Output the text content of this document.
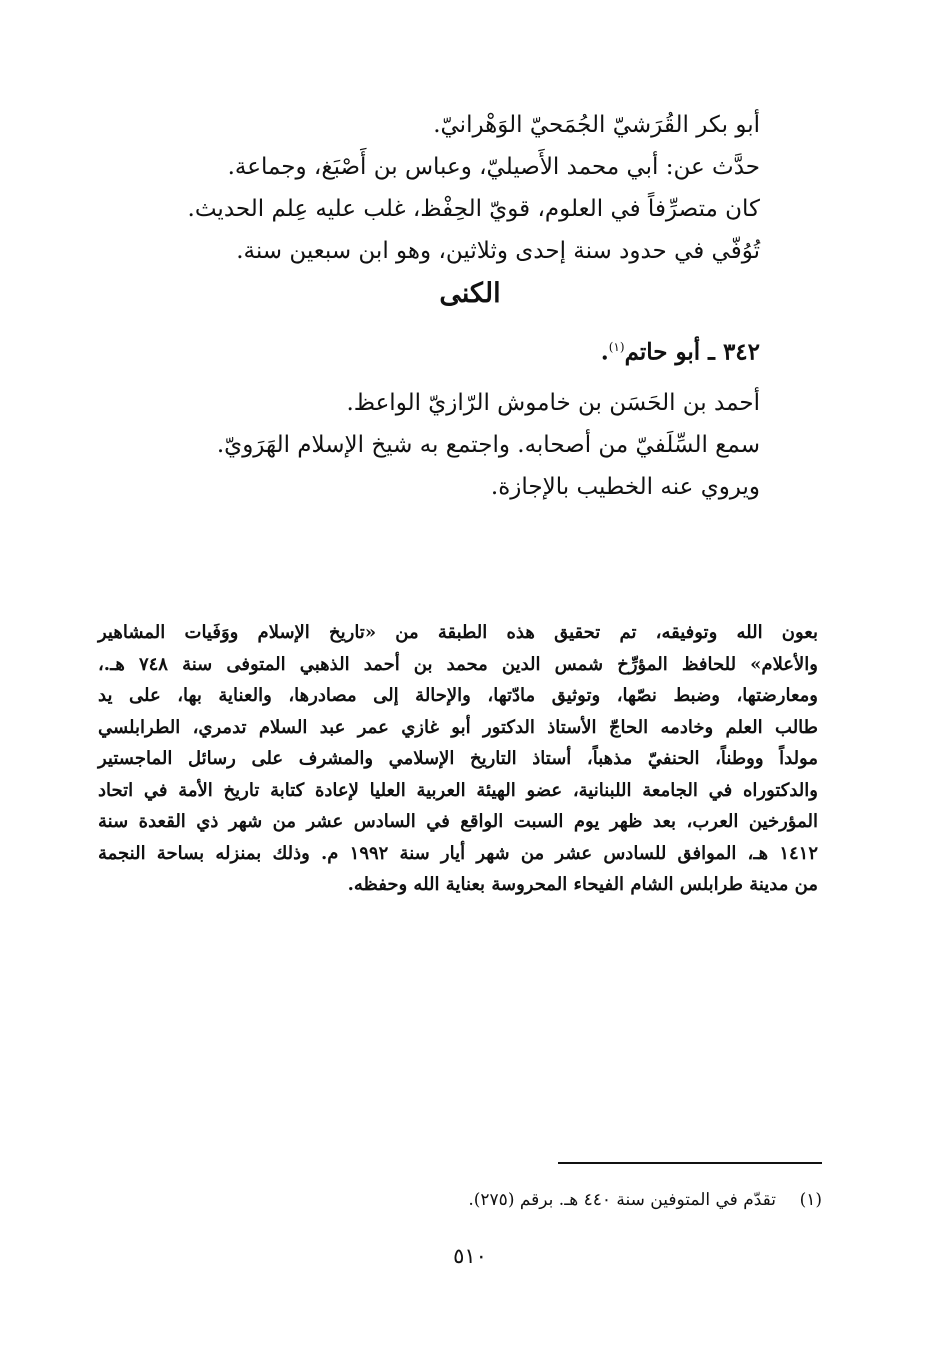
أبو بكر القُرَشيّ الجُمَحيّ الوَهْرانيّ.
حدَّث عن: أبي محمد الأَصيليّ، وعباس بن أَصْبَغ، وجماعة.
كان متصرِّفاً في العلوم، قويّ الحِفْظ، غلب عليه عِلم الحديث.
تُوُفّي في حدود سنة إحدى وثلاثين، وهو ابن سبعين سنة.
الكنى
٣٤٢ ـ أبو حاتم$^{(١)}$.
أحمد بن الحَسَن بن خاموش الرّازيّ الواعظ.
سمع السِّلَفيّ من أصحابه. واجتمع به شيخ الإسلام الهَرَويّ.
ويروي عنه الخطيب بالإجازة.
بعون الله وتوفيقه، تم تحقيق هذه الطبقة من «تاريخ الإسلام ووَفَيات المشاهير
والأعلام» للحافظ المؤرِّخ شمس الدين محمد بن أحمد الذهبي المتوفى سنة ٧٤٨ هـ.،
ومعارضتها، وضبط نصّها، وتوثيق مادّتها، والإحالة إلى مصادرها، والعناية بها، على يد
طالب العلم وخادمه الحاجّ الأستاذ الدكتور أبو غازي عمر عبد السلام تدمري، الطرابلسي
مولداً ووطناً، الحنفيّ مذهباً، أستاذ التاريخ الإسلامي والمشرف على رسائل الماجستير
والدكتوراه في الجامعة اللبنانية، عضو الهيئة العربية العليا لإعادة كتابة تاريخ الأمة في اتحاد
المؤرخين العرب، بعد ظهر يوم السبت الواقع في السادس عشر من شهر ذي القعدة سنة
١٤١٢ هـ، الموافق للسادس عشر من شهر أيار سنة ١٩٩٢ م. وذلك بمنزله بساحة النجمة
من مدينة طرابلس الشام الفيحاء المحروسة بعناية الله وحفظه.
(١)تقدّم في المتوفين سنة ٤٤٠ هـ. برقم (٢٧٥).
٥١٠
